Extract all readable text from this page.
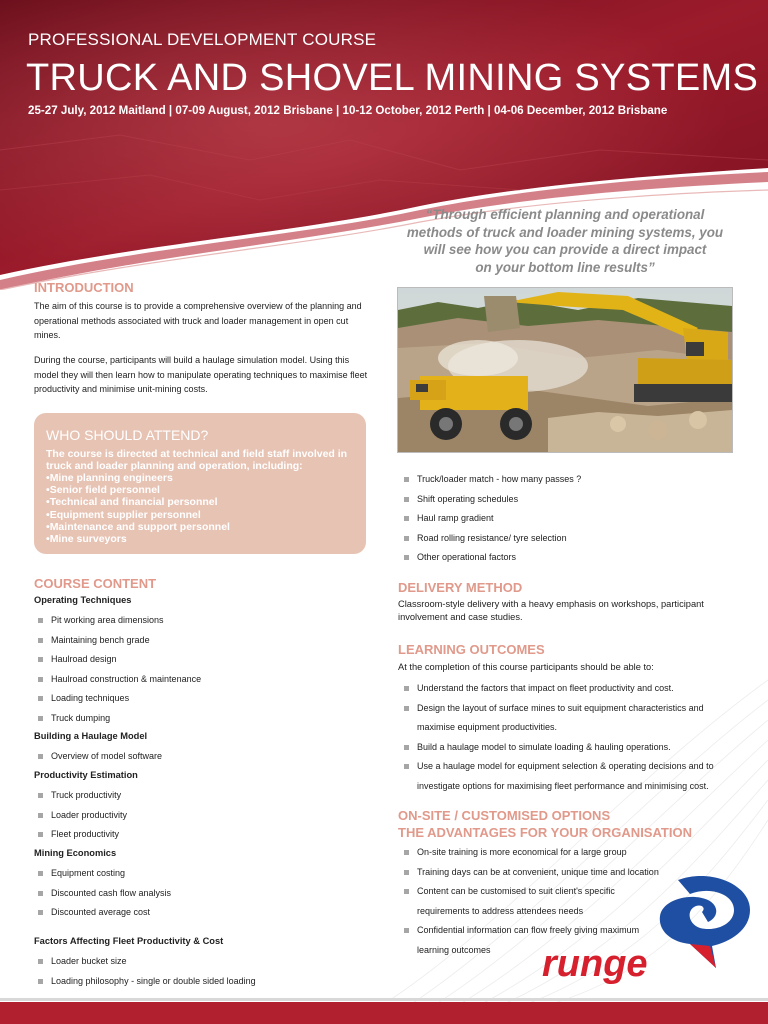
PROFESSIONAL DEVELOPMENT COURSE
TRUCK AND SHOVEL MINING SYSTEMS
25-27 July, 2012 Maitland | 07-09 August, 2012 Brisbane | 10-12 October, 2012 Perth | 04-06 December, 2012 Brisbane
“Through efficient planning and operational
methods of truck and loader mining systems, you
will see how you can provide a direct impact
on your bottom line results”
INTRODUCTION
The aim of this course is to provide a comprehensive overview of the planning and operational methods associated with truck and loader management in open cut mines.
During the course, participants will build a haulage simulation model. Using this model they will then learn how to manipulate operating techniques to maximise fleet productivity and minimise unit-mining costs.
WHO SHOULD ATTEND?
The course is directed at technical and field staff involved in truck and loader planning and operation, including:
• Mine planning engineers
• Senior field personnel
• Technical and financial personnel
• Equipment supplier personnel
• Maintenance and support personnel
• Mine surveyors
COURSE CONTENT
Operating Techniques
Pit working area dimensions
Maintaining bench grade
Haulroad design
Haulroad construction & maintenance
Loading techniques
Truck dumping
Building a Haulage Model
Overview of model software
Productivity Estimation
Truck productivity
Loader productivity
Fleet productivity
Mining Economics
Equipment costing
Discounted cash flow analysis
Discounted average cost
Factors Affecting Fleet Productivity & Cost
Loader bucket size
Loading philosophy - single or double sided loading
Truck/loader match - how many passes ?
Shift operating schedules
Haul ramp gradient
Road rolling resistance/ tyre selection
Other operational factors
DELIVERY METHOD
Classroom-style delivery with a heavy emphasis on workshops, participant involvement and case studies.
LEARNING OUTCOMES
At the completion of this course participants should be able to:
Understand the factors that impact on fleet productivity and cost.
Design the layout of surface mines to suit equipment characteristics and
maximise equipment productivities.
Build a haulage model to simulate loading & hauling operations.
Use a haulage model for equipment selection & operating decisions and to
investigate options for maximising fleet performance and minimising cost.
ON-SITE / CUSTOMISED OPTIONS
THE ADVANTAGES FOR YOUR ORGANISATION
On-site training is more economical for a large group
Training days can be at convenient, unique time and location
Content can be customised to suit client's specific
requirements to address attendees needs
Confidential information can flow freely giving maximum
learning outcomes	runge
